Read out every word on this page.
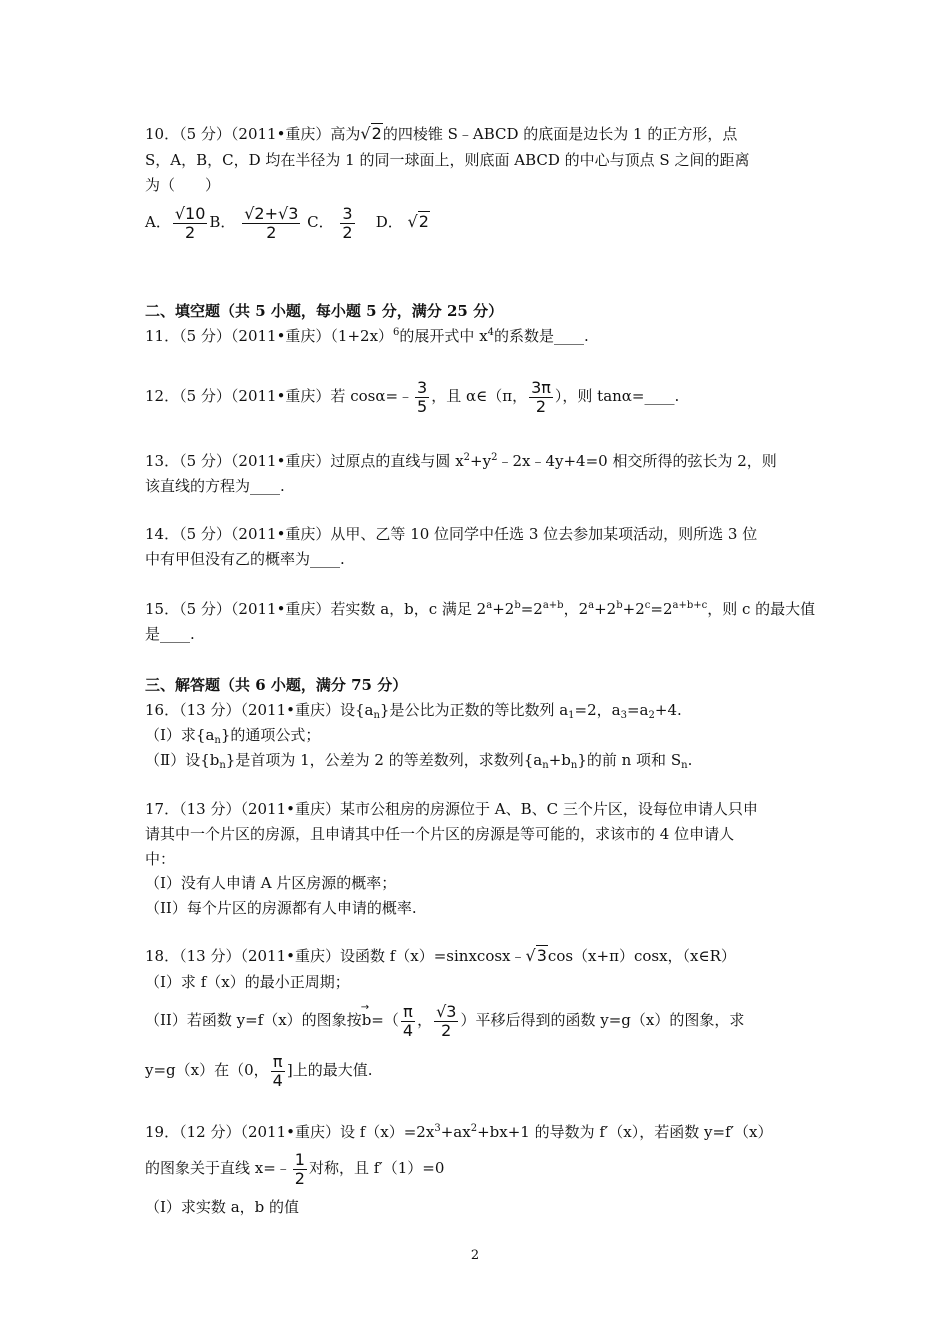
10．（5 分）（2011•重庆）高为√2的四棱锥 S﹣ABCD 的底面是边长为 1 的正方形，点
S，A，B，C，D 均在半径为 1 的同一球面上，则底面 ABCD 的中心与顶点 S 之间的距离
为（　　）
A． $\frac{√10}{2}$ B． $\frac{√2+√3}{2}$ C． $\frac{3}{2}$ D． √2
二、填空题（共 5 小题，每小题 5 分，满分 25 分）
11．（5 分）（2011•重庆）$(1+2x)^6$的展开式中 $x^4$的系数是____.
12．（5 分）（2011•重庆）若 cosα=﹣ $\frac{3}{5}$ ，且 α∈（π， $\frac{3\pi}{2}$ ），则 tanα=____.
13．（5 分）（2011•重庆）过原点的直线与圆 $x^2+y^2﹣2x﹣4y+4=0$ 相交所得的弦长为 2，则
该直线的方程为____.
14．（5 分）（2011•重庆）从甲、乙等 10 位同学中任选 3 位去参加某项活动，则所选 3 位
中有甲但没有乙的概率为____.
15．（5 分）（2011•重庆）若实数 a，b，c 满足 $2^a+2^b=2^{a+b}$，$2^a+2^b+2^c=2^{a+b+c}$，则 c 的最大值
是____.
三、解答题（共 6 小题，满分 75 分）
16．（13 分）（2011•重庆）设$\{a_n\}$是公比为正数的等比数列 $a_1=2$，$a_3=a_2+4$.
（Ⅰ）求$\{a_n\}$的通项公式；
（Ⅱ）设$\{b_n\}$是首项为 1，公差为 2 的等差数列，求数列$\{a_n+b_n\}$的前 n 项和 $S_n$.
17．（13 分）（2011•重庆）某市公租房的房源位于 A、B、C 三个片区，设每位申请人只申
请其中一个片区的房源，且申请其中任一个片区的房源是等可能的，求该市的 4 位申请人
中：
（I）没有人申请 A 片区房源的概率；
（II）每个片区的房源都有人申请的概率.
18．（13 分）（2011•重庆）设函数 f（x）=sinxcosx﹣√3cos（x+π）cosx，（x∈R）
（I）求 f（x）的最小正周期；
（II）若函数 y=f（x）的图象按→ $b=( \frac{\pi}{4}$ ， $\frac{√3}{2}$ ）平移后得到的函数 y=g（x）的图象，求
y=g（x）在（0， $\frac{\pi}{4}$ ]上的最大值.
19．（12 分）（2011•重庆）设 $f(x)=2x^3+ax^2+bx+1$ 的导数为 f′（x），若函数 y=f′（x）
的图象关于直线 x=﹣ $\frac{1}{2}$ 对称，且 f′（1）=0
（Ⅰ）求实数 a，b 的值
2
